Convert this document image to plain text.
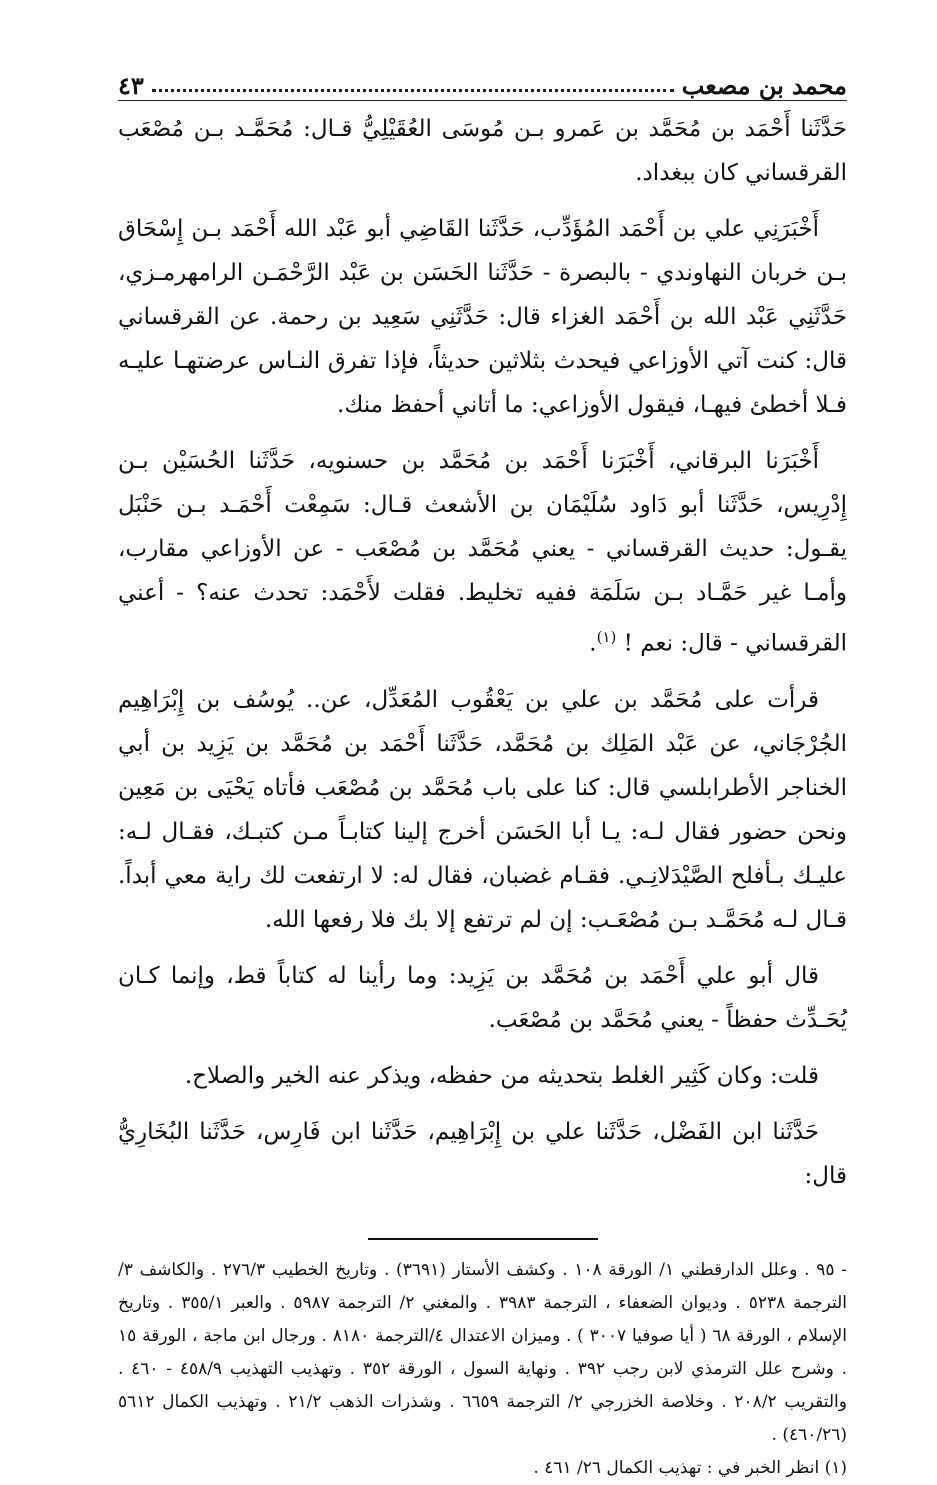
محمد بن مصعب
٤٣

حَدَّثَنا أَحْمَد بن مُحَمَّد بن عَمرو بـن مُوسَى العُقَيْلِيُّ قـال: مُحَمَّـد بـن مُصْعَب القرقساني كان ببغداد.

أَخْبَرَنِي علي بن أَحْمَد المُؤَدِّب، حَدَّثَنا القَاضِي أبو عَبْد الله أَحْمَد بـن إِسْحَاق بـن خربان النهاوندي - بالبصرة - حَدَّثَنا الحَسَن بن عَبْد الرَّحْمَـن الرامهرمـزي، حَدَّثَنِي عَبْد الله بن أَحْمَد الغزاء قال: حَدَّثَنِي سَعِيد بن رحمة. عن القرقساني قال: كنت آتي الأوزاعي فيحدث بثلاثين حديثاً، فإذا تفرق النـاس عرضتهـا عليـه فـلا أخطئ فيهـا، فيقول الأوزاعي: ما أتاني أحفظ منك.

أَخْبَرَنا البرقاني، أَخْبَرَنا أَحْمَد بن مُحَمَّد بن حسنويه، حَدَّثَنا الحُسَيْن بـن إِدْرِيس، حَدَّثَنا أبو دَاود سُلَيْمَان بن الأشعث قـال: سَمِعْت أَحْمَـد بـن حَنْبَل يقـول: حديث القرقساني - يعني مُحَمَّد بن مُصْعَب - عن الأوزاعي مقارب، وأمـا غير حَمَّـاد بـن سَلَمَة ففيه تخليط. فقلت لأَحْمَد: تحدث عنه؟ - أعني القرقساني - قال: نعم ! $^{(١)}$.

قرأت على مُحَمَّد بن علي بن يَعْقُوب المُعَدِّل، عن.. يُوسُف بن إِبْرَاهِيم الجُرْجَاني، عن عَبْد المَلِك بن مُحَمَّد، حَدَّثَنا أَحْمَد بن مُحَمَّد بن يَزِيد بن أبي الخناجر الأطرابلسي قال: كنا على باب مُحَمَّد بن مُصْعَب فأتاه يَحْيَى بن مَعِين ونحن حضور فقال لـه: يـا أبا الحَسَن أخرج إلينا كتابـاً مـن كتبـك، فقـال لـه: عليـك بـأفلح الصَّيْدَلانِـي. فقـام غضبان، فقال له: لا ارتفعت لك راية معي أبداً. قـال لـه مُحَمَّـد بـن مُصْعَـب: إن لم ترتفع إلا بك فلا رفعها الله.

قال أبو علي أَحْمَد بن مُحَمَّد بن يَزِيد: وما رأينا له كتاباً قط، وإنما كـان يُحَـدِّث حفظاً - يعني مُحَمَّد بن مُصْعَب.

قلت: وكان كَثِير الغلط بتحديثه من حفظه، ويذكر عنه الخير والصلاح.

حَدَّثَنا ابن الفَضْل، حَدَّثَنا علي بن إِبْرَاهِيم، حَدَّثَنا ابن فَارِس، حَدَّثَنا البُخَارِيُّ قال:

- ٩٥ . وعلل الدارقطني ١/ الورقة ١٠٨ . وكشف الأستار (٣٦٩١) . وتاريخ الخطيب ٢٧٦/٣ . والكاشف ٣/ الترجمة ٥٢٣٨ . وديوان الضعفاء ، الترجمة ٣٩٨٣ . والمغني ٢/ الترجمة ٥٩٨٧ . والعبر ٣٥٥/١ . وتاريخ الإسلام ، الورقة ٦٨ ( أيا صوفيا ٣٠٠٧ ) . وميزان الاعتدال ٤/الترجمة ٨١٨٠ . ورجال ابن ماجة ، الورقة ١٥ . وشرح علل الترمذي لابن رجب ٣٩٢ . ونهاية السول ، الورقة ٣٥٢ . وتهذيب التهذيب ٤٥٨/٩ - ٤٦٠ . والتقريب ٢٠٨/٢ . وخلاصة الخزرجي ٢/ الترجمة ٦٦٥٩ . وشذرات الذهب ٢١/٢ . وتهذيب الكمال ٥٦١٢ (٤٦٠/٢٦) .

(١) انظر الخبر في : تهذيب الكمال ٢٦/ ٤٦١ .
